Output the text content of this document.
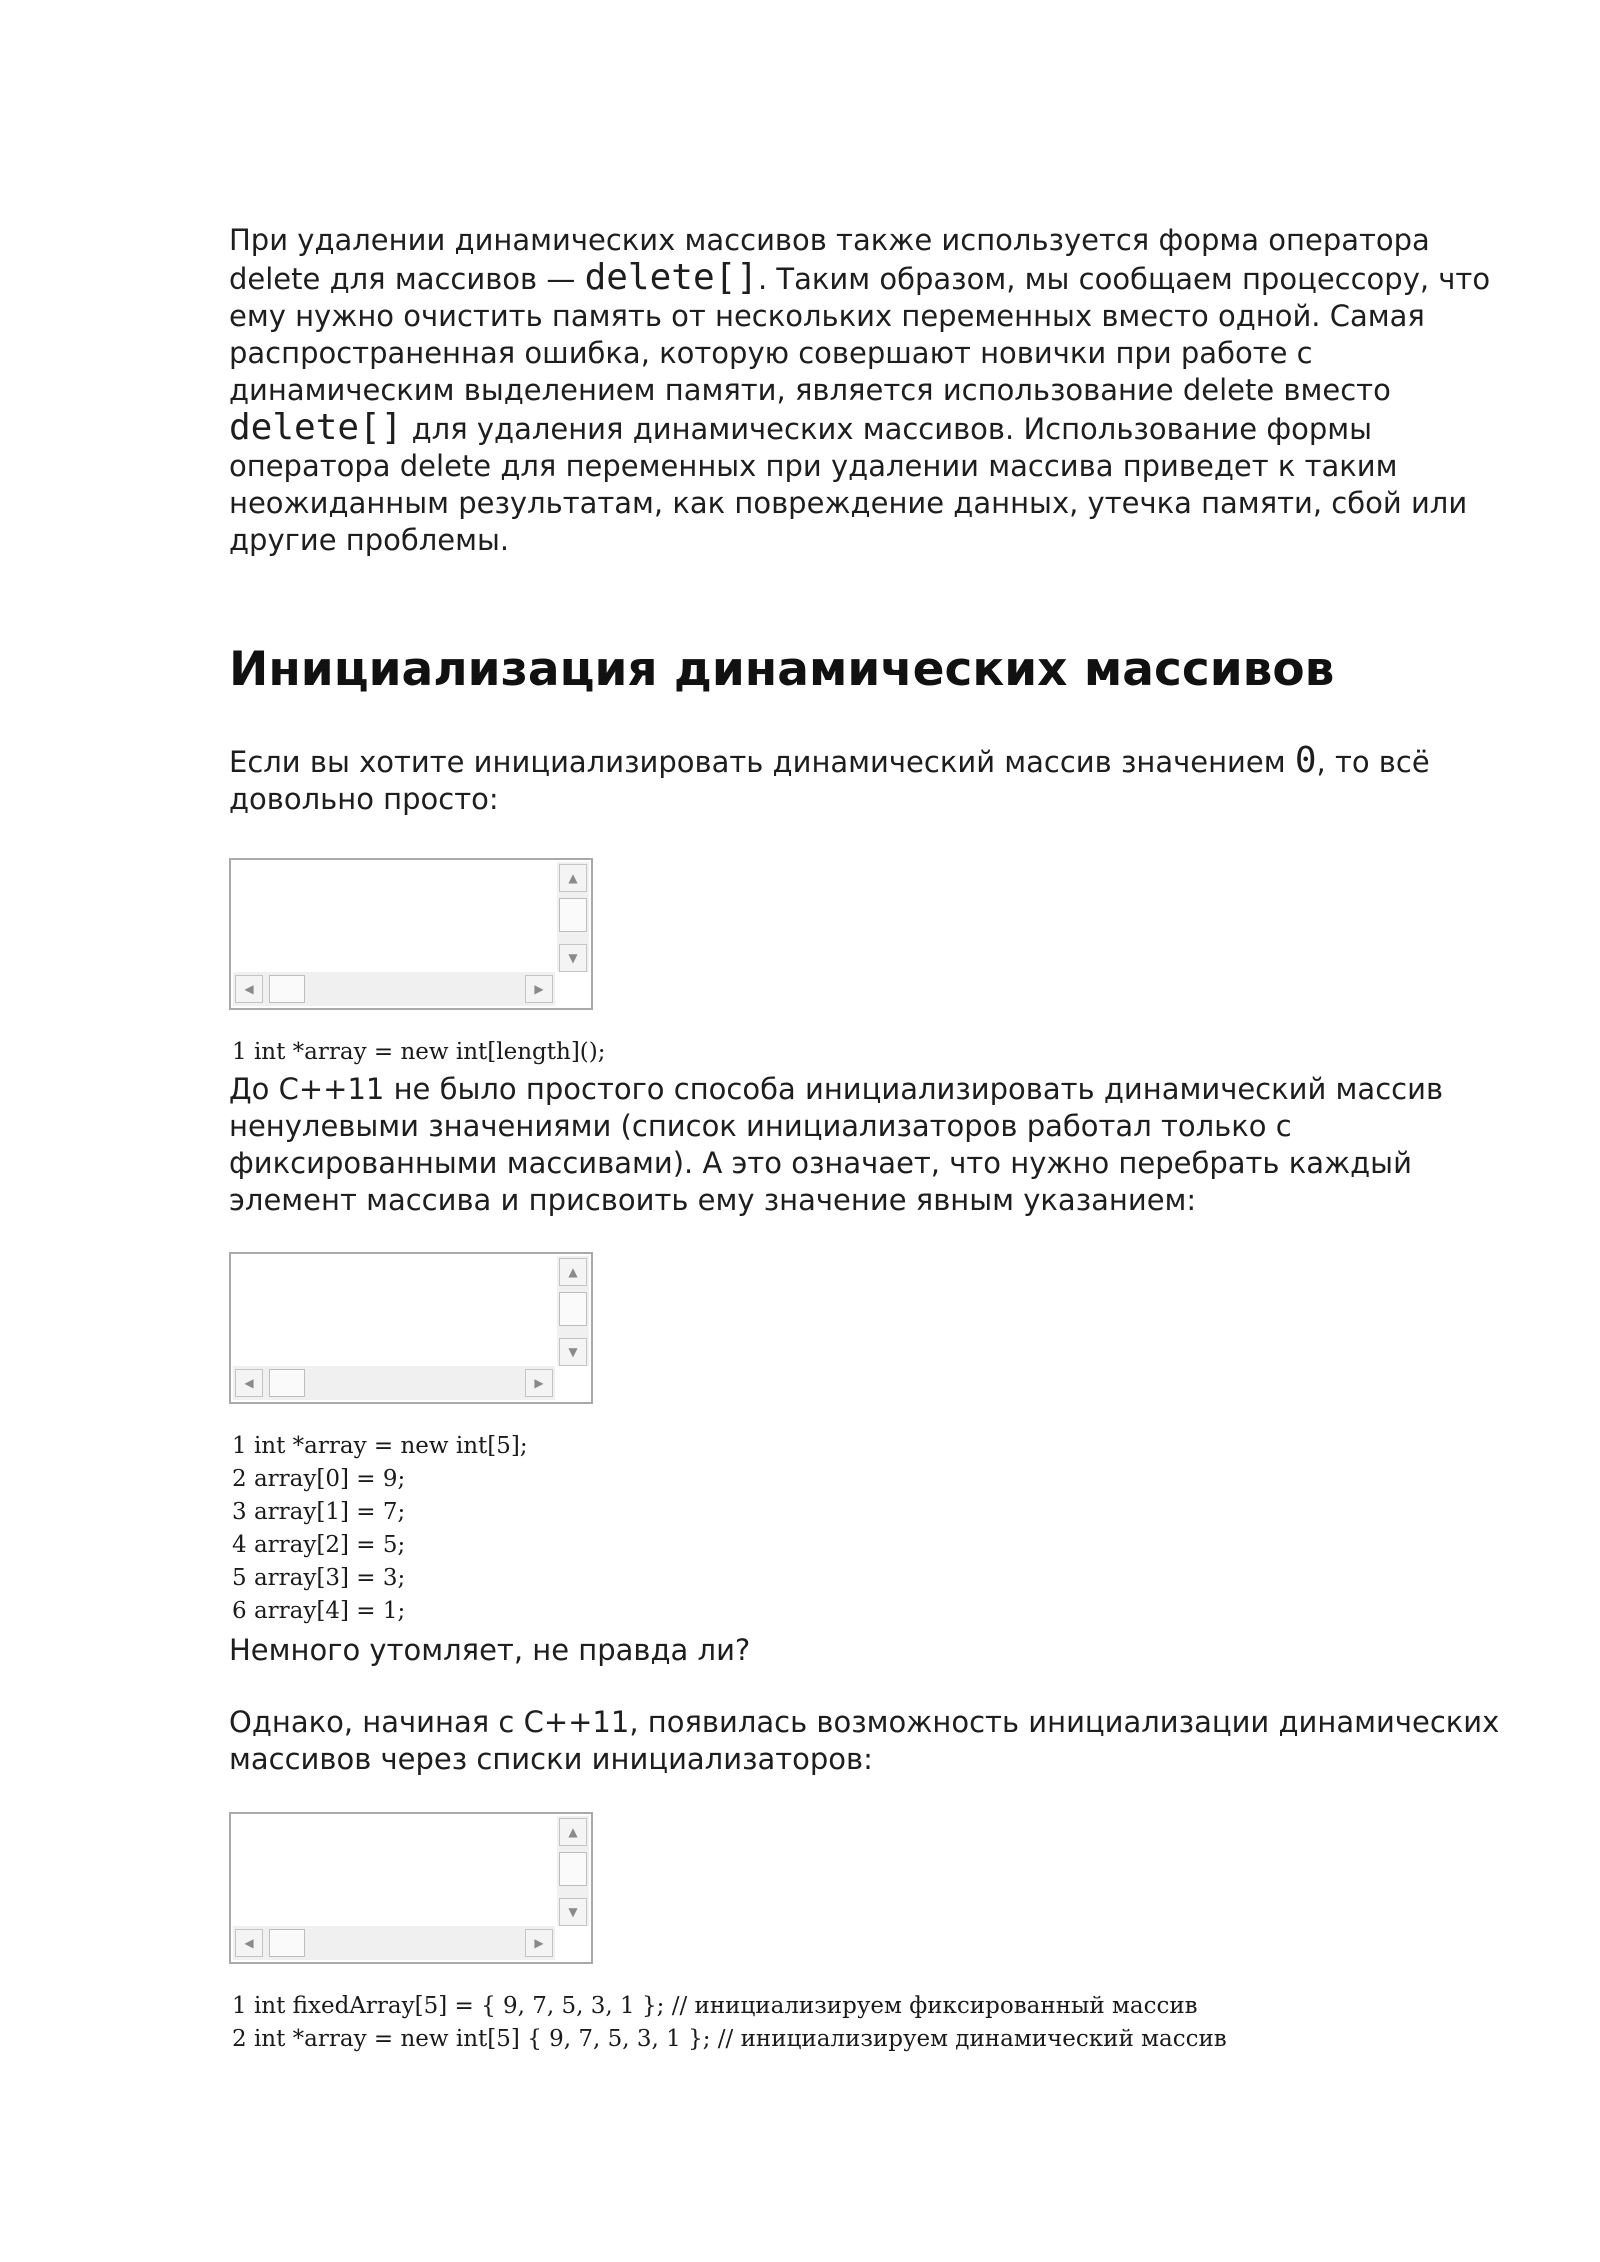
При удалении динамических массивов также используется форма оператора delete для массивов — delete[]. Таким образом, мы сообщаем процессору, что ему нужно очистить память от нескольких переменных вместо одной. Самая распространенная ошибка, которую совершают новички при работе с динамическим выделением памяти, является использование delete вместо delete[] для удаления динамических массивов. Использование формы оператора delete для переменных при удалении массива приведет к таким неожиданным результатам, как повреждение данных, утечка памяти, сбой или другие проблемы.

Инициализация динамических массивов

Если вы хотите инициализировать динамический массив значением 0, то всё довольно просто:

▲
▼
◀	▶
1 int *array = new int[length]();

До C++11 не было простого способа инициализировать динамический массив ненулевыми значениями (список инициализаторов работал только с фиксированными массивами). А это означает, что нужно перебрать каждый элемент массива и присвоить ему значение явным указанием:

▲
▼
◀	▶
1 int *array = new int[5];
2 array[0] = 9;
3 array[1] = 7;
4 array[2] = 5;
5 array[3] = 3;
6 array[4] = 1;

Немного утомляет, не правда ли?

Однако, начиная с C++11, появилась возможность инициализации динамических массивов через списки инициализаторов:

▲
▼
◀	▶
1 int fixedArray[5] = { 9, 7, 5, 3, 1 }; // инициализируем фиксированный массив
2 int *array = new int[5] { 9, 7, 5, 3, 1 }; // инициализируем динамический массив
